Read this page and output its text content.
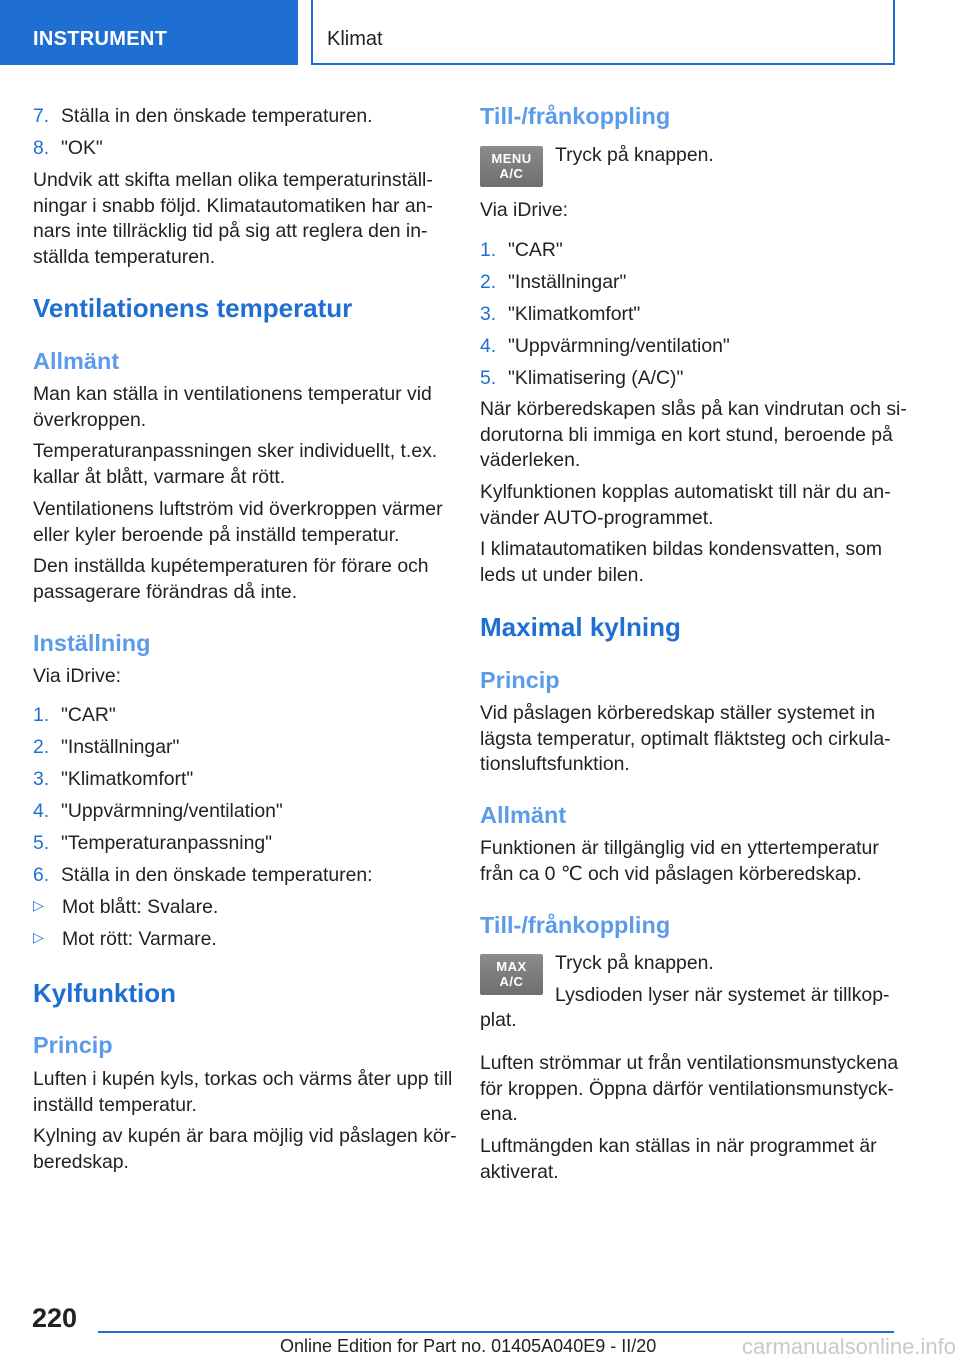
INSTRUMENT	Klimat
7. Ställa in den önskade temperaturen.
8. "OK"
Undvik att skifta mellan olika temperaturinställ‐
ningar i snabb följd. Klimatautomatiken har an‐
nars inte tillräcklig tid på sig att reglera den in‐
ställda temperaturen.
Ventilationens temperatur
Allmänt
Man kan ställa in ventilationens temperatur vid
överkroppen.
Temperaturanpassningen sker individuellt, t.ex.
kallar åt blått, varmare åt rött.
Ventilationens luftström vid överkroppen värmer
eller kyler beroende på inställd temperatur.
Den inställda kupétemperaturen för förare och
passagerare förändras då inte.
Inställning
Via iDrive:
1. "CAR"
2. "Inställningar"
3. "Klimatkomfort"
4. "Uppvärmning/ventilation"
5. "Temperaturanpassning"
6. Ställa in den önskade temperaturen:
▷ Mot blått: Svalare.
▷ Mot rött: Varmare.
Kylfunktion
Princip
Luften i kupén kyls, torkas och värms åter upp till
inställd temperatur.
Kylning av kupén är bara möjlig vid påslagen kör‐
beredskap.
Till-/frånkoppling
MENU
A/C
Tryck på knappen.
Via iDrive:
1. "CAR"
2. "Inställningar"
3. "Klimatkomfort"
4. "Uppvärmning/ventilation"
5. "Klimatisering (A/C)"
När körberedskapen slås på kan vindrutan och si‐
dorutorna bli immiga en kort stund, beroende på
väderleken.
Kylfunktionen kopplas automatiskt till när du an‐
vänder AUTO-programmet.
I klimatautomatiken bildas kondensvatten, som
leds ut under bilen.
Maximal kylning
Princip
Vid påslagen körberedskap ställer systemet in
lägsta temperatur, optimalt fläktsteg och cirkula‐
tionsluftsfunktion.
Allmänt
Funktionen är tillgänglig vid en yttertemperatur
från ca 0 ℃ och vid påslagen körberedskap.
Till-/frånkoppling
MAX
A/C
Tryck på knappen.
Lysdioden lyser när systemet är tillkop‐
plat.
Luften strömmar ut från ventilationsmunstyckena
för kroppen. Öppna därför ventilationsmunstyck‐
ena.
Luftmängden kan ställas in när programmet är
aktiverat.
220
Online Edition for Part no. 01405A040E9 - II/20	carmanualsonline.info
